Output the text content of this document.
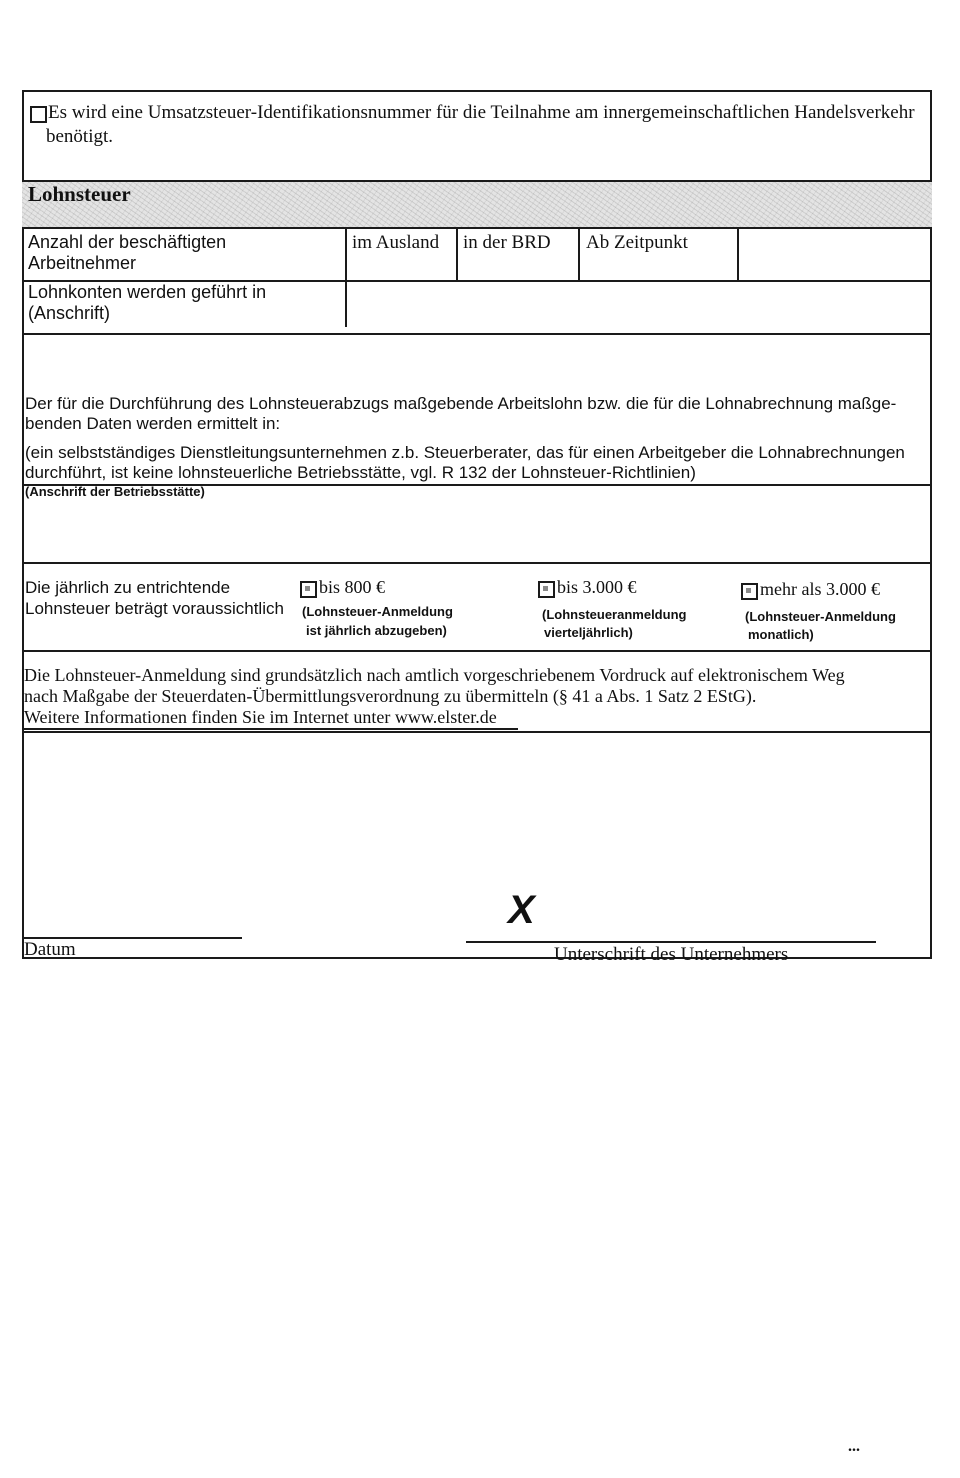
Es wird eine Umsatzsteuer-Identifikationsnummer für die Teilnahme am innergemeinschaftlichen Handelsverkehr
benötigt.
Lohnsteuer
Anzahl der beschäftigten
Arbeitnehmer
im Ausland in der BRD Ab Zeitpunkt
Lohnkonten werden geführt in
(Anschrift)
Der für die Durchführung des Lohnsteuerabzugs maßgebende Arbeitslohn bzw. die für die Lohnabrechnung maßge-
benden Daten werden ermittelt in:
(ein selbstständiges Dienstleitungsunternehmen z.b. Steuerberater, das für einen Arbeitgeber die Lohnabrechnungen
durchführt, ist keine lohnsteuerliche Betriebsstätte, vgl. R 132 der Lohnsteuer-Richtlinien)
(Anschrift der Betriebsstätte)
Die jährlich zu entrichtende
Lohnsteuer beträgt voraussichtlich
bis 800 €
(Lohnsteuer-Anmeldung
ist jährlich abzugeben)
bis 3.000 €
(Lohnsteueranmeldung
vierteljährlich)
mehr als 3.000 €
(Lohnsteuer-Anmeldung
monatlich)
Die Lohnsteuer-Anmeldung sind grundsätzlich nach amtlich vorgeschriebenem Vordruck auf elektronischem Weg
nach Maßgabe der Steuerdaten-Übermittlungsverordnung zu übermitteln (§ 41 a Abs. 1 Satz 2 EStG).
Weitere Informationen finden Sie im Internet unter www.elster.de
X
Datum	Unterschrift des Unternehmers
...
